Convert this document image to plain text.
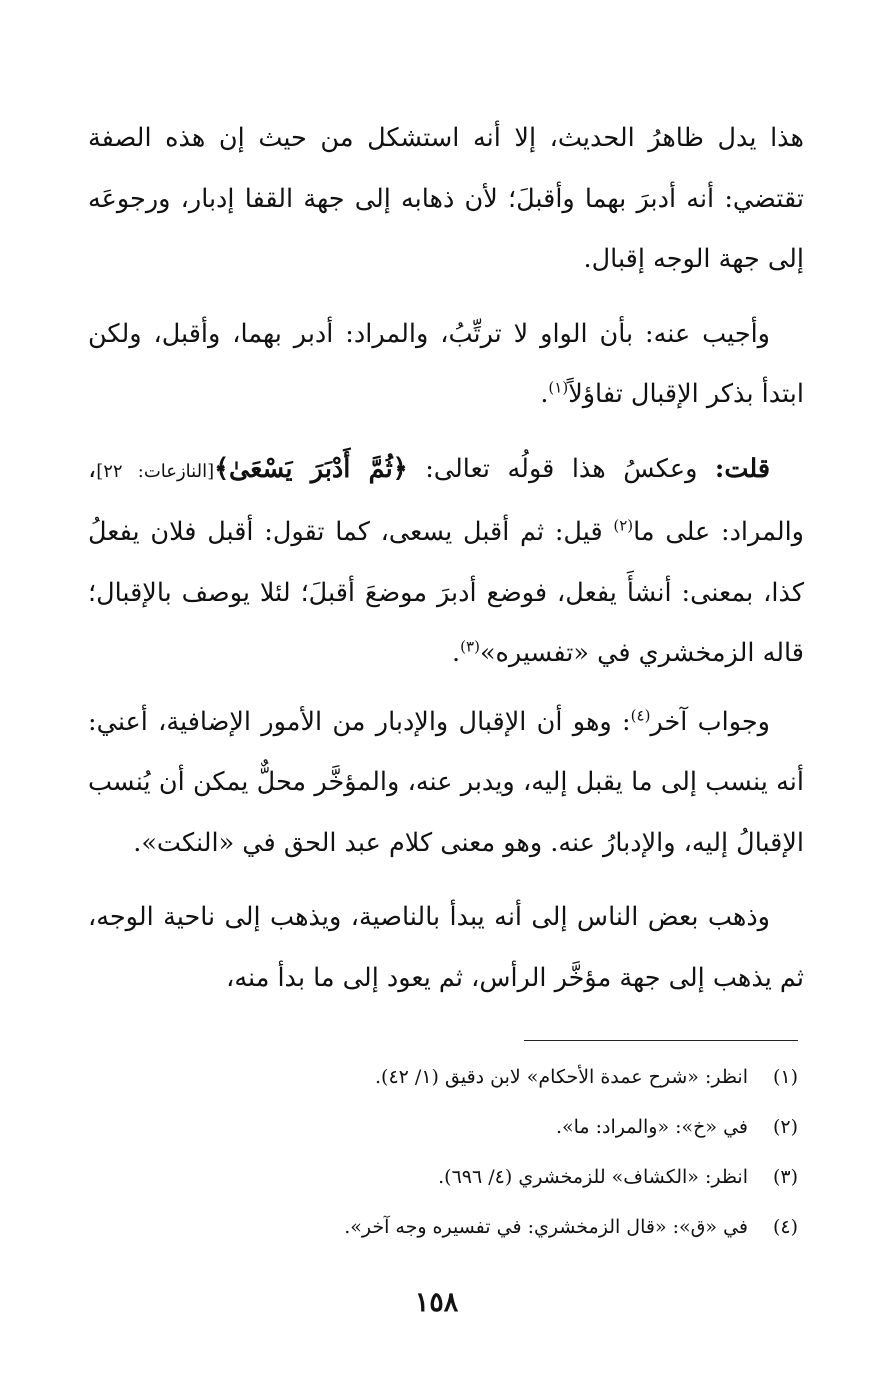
هذا يدل ظاهرُ الحديث، إلا أنه استشكل من حيث إن هذه الصفة تقتضي: أنه أدبرَ بهما وأقبلَ؛ لأن ذهابه إلى جهة القفا إدبار، ورجوعَه إلى جهة الوجه إقبال.

وأجيب عنه: بأن الواو لا ترتِّبُ، والمراد: أدبر بهما، وأقبل، ولكن ابتدأ بذكر الإقبال تفاؤلاً$^{(١)}$.

قلت: وعكسُ هذا قولُه تعالى: ﴿ثُمَّ أَدْبَرَ يَسْعَىٰ﴾[النازعات: ٢٢]، والمراد: على ما$^{(٢)}$ قيل: ثم أقبل يسعى، كما تقول: أقبل فلان يفعلُ كذا، بمعنى: أنشأَ يفعل، فوضع أدبرَ موضعَ أقبلَ؛ لئلا يوصف بالإقبال؛ قاله الزمخشري في «تفسيره»$^{(٣)}$.

وجواب آخر$^{(٤)}$: وهو أن الإقبال والإدبار من الأمور الإضافية، أعني: أنه ينسب إلى ما يقبل إليه، ويدبر عنه، والمؤخَّر محلٌّ يمكن أن يُنسب الإقبالُ إليه، والإدبارُ عنه. وهو معنى كلام عبد الحق في «النكت».

وذهب بعض الناس إلى أنه يبدأ بالناصية، ويذهب إلى ناحية الوجه، ثم يذهب إلى جهة مؤخَّر الرأس، ثم يعود إلى ما بدأ منه،

(١)
انظر: «شرح عمدة الأحكام» لابن دقيق (١/ ٤٢).
(٢)
في «خ»: «والمراد: ما».
(٣)
انظر: «الكشاف» للزمخشري (٤/ ٦٩٦).
(٤)
في «ق»: «قال الزمخشري: في تفسيره وجه آخر».
١٥٨
